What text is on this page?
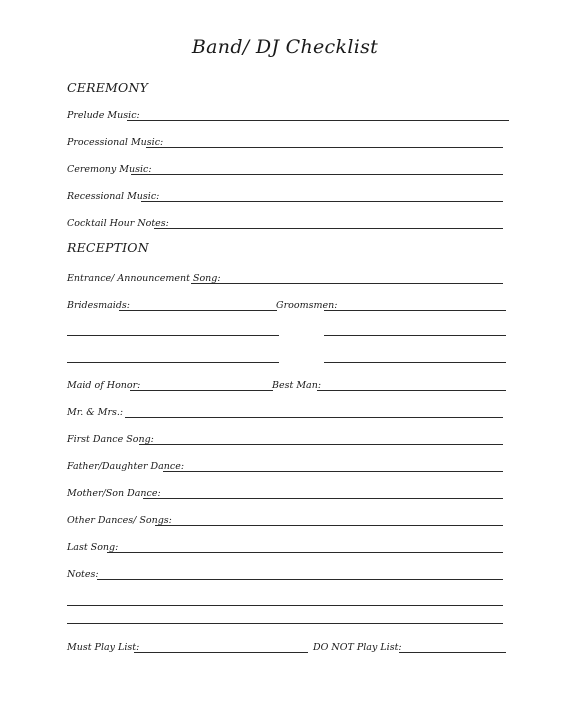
Band/ DJ Checklist
CEREMONY
Prelude Music:
Processional Music:
Ceremony Music:
Recessional Music:
Cocktail Hour Notes:
RECEPTION
Entrance/ Announcement Song:
Bridesmaids:	Groomsmen:
Maid of Honor:	Best Man:
Mr. & Mrs.:
First Dance Song:
Father/Daughter Dance:
Mother/Son Dance:
Other Dances/ Songs:
Last Song:
Notes:
Must Play List:	DO NOT Play List:
